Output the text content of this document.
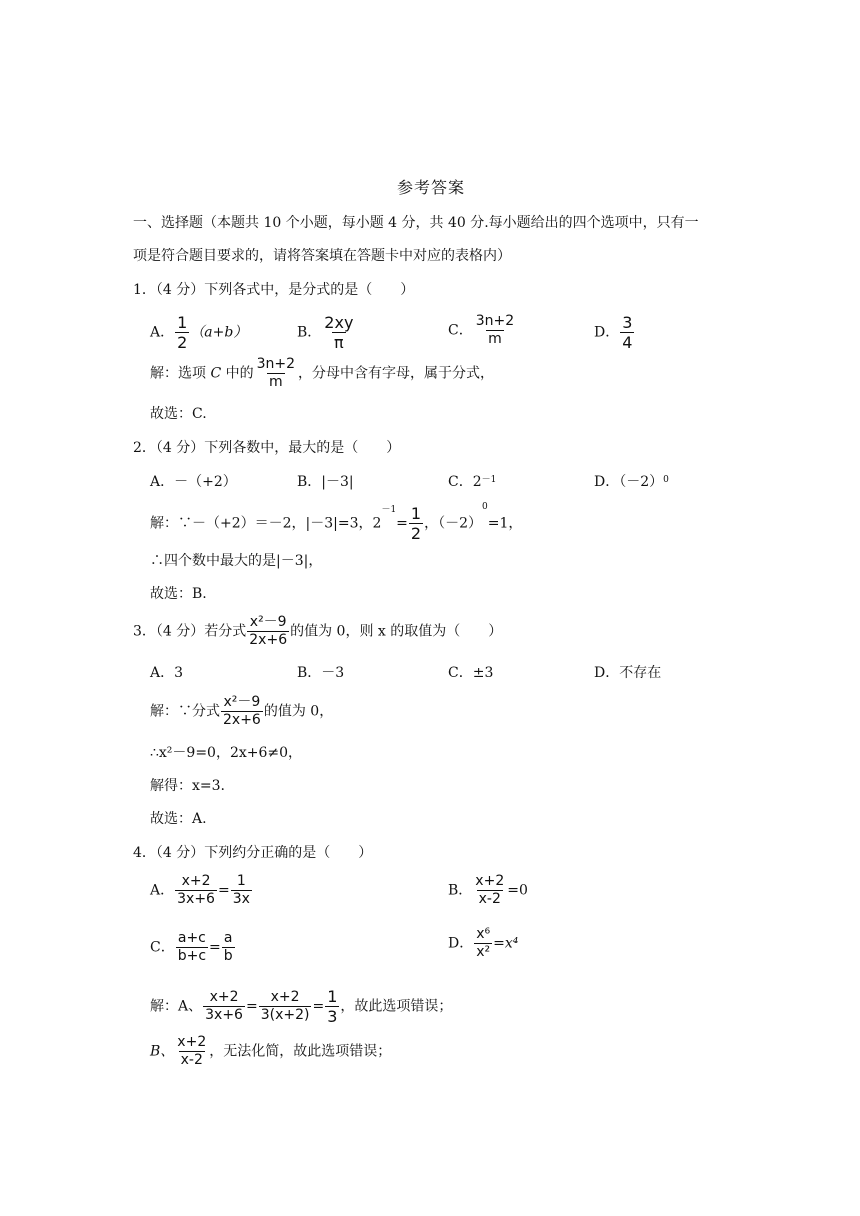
参考答案
一、选择题（本题共 10 个小题，每小题 4 分，共 40 分.每小题给出的四个选项中，只有一
项是符合题目要求的，请将答案填在答题卡中对应的表格内）
1．（4 分）下列各式中，是分式的是（　　）
A． $\frac{1}{2} (a+b)$	B． $\frac{2xy}{\pi}$	C． $\frac{3n+2}{m}$	D． $\frac{3}{4}$
解：选项 C 中的 $\frac{3n+2}{m}$ ，分母中含有字母，属于分式，
故选：C.
2．（4 分）下列各数中，最大的是（　　）
A．－（+2）	B．|－3|	C．$2^{-1}$	D．$(-2)^0$
解：∵－（+2）＝－2，|－3|=3，$2^{-1}= \frac{1}{2}$ ，$(-2)^0=1$，
∴四个数中最大的是|－3|，
故选：B.
3．（4 分）若分式 $\frac{\text{x²－9}}{2x+6}$ 的值为 0，则 x 的取值为（　　）
A．3	B．－3	C．±3	D．不存在
解：∵分式 $\frac{\text{x²－9}}{2x+6}$ 的值为 0，
∴x²－9=0，2x+6≠0，
解得：x=3.
故选：A.
4．（4 分）下列约分正确的是（　　）
A． $\frac{x+2}{3x+6} = \frac{1}{3x}$	B． $\frac{x+2}{x-2} =0$
C． $\frac{a+c}{b+c} = \frac{a}{b}$	D． $\frac{\text{x⁶}}{\text{x²}} =x^4$
解：A、 $\frac{x+2}{3x+6} = \frac{x+2}{3(x+2)} = \frac{1}{3}$ ，故此选项错误；
B、 $\frac{x+2}{x-2}$ ，无法化简，故此选项错误；
